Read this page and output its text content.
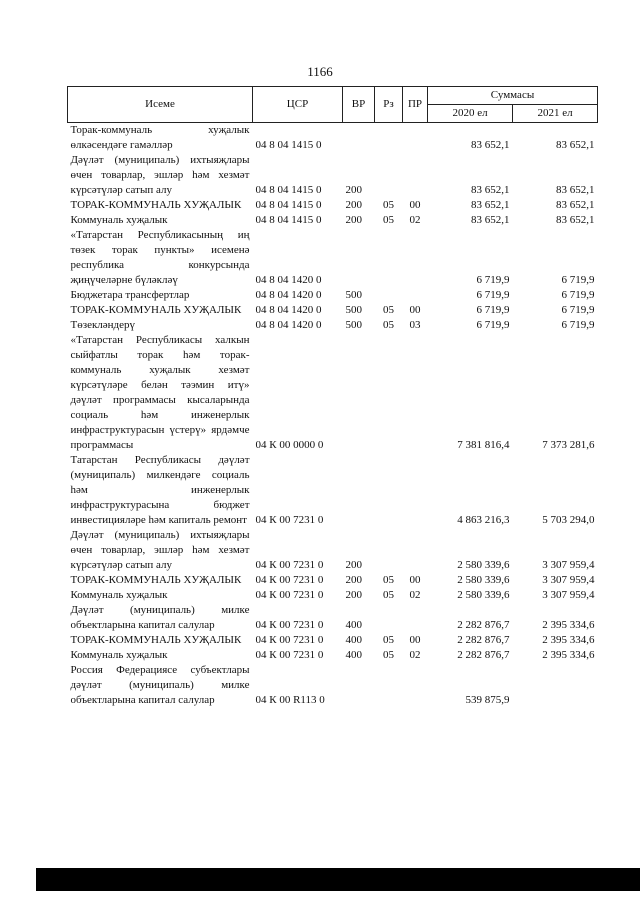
1166
Исеме	ЦСР	ВР	Рз	ПР	Суммасы	
					2020 ел	2021 ел
Торак-коммуналь хуҗалык өлкәсендәге гамәлләр	04 8 04 1415 0				83 652,1	83 652,1
Дәүләт (муниципаль) ихтыяҗлары өчен товарлар, эшләр һәм хезмәт күрсәтүләр сатып алу	04 8 04 1415 0	200			83 652,1	83 652,1
ТОРАК-КОММУНАЛЬ ХУҖАЛЫК	04 8 04 1415 0	200	05	00	83 652,1	83 652,1
Коммуналь хуҗалык	04 8 04 1415 0	200	05	02	83 652,1	83 652,1
«Татарстан Республикасының иң төзек торак пункты» исеменә республика конкурсында җиңүчеләрне бүләкләү	04 8 04 1420 0				6 719,9	6 719,9
Бюджетара трансфертлар	04 8 04 1420 0	500			6 719,9	6 719,9
ТОРАК-КОММУНАЛЬ ХУҖАЛЫК	04 8 04 1420 0	500	05	00	6 719,9	6 719,9
Төзекләндерү	04 8 04 1420 0	500	05	03	6 719,9	6 719,9
«Татарстан Республикасы халкын сыйфатлы торак һәм торак-коммуналь хуҗалык хезмәт күрсәтүләре белән тәэмин итү» дәүләт программасы кысаларында социаль һәм инженерлык инфраструктурасын үстерү» ярдәмче программасы	04 К 00 0000 0				7 381 816,4	7 373 281,6
Татарстан Республикасы дәүләт (муниципаль) милкендәге социаль һәм инженерлык инфраструктурасына бюджет инвестицияләре һәм капиталь ремонт	04 К 00 7231 0				4 863 216,3	5 703 294,0
Дәүләт (муниципаль) ихтыяҗлары өчен товарлар, эшләр һәм хезмәт күрсәтүләр сатып алу	04 К 00 7231 0	200			2 580 339,6	3 307 959,4
ТОРАК-КОММУНАЛЬ ХУҖАЛЫК	04 К 00 7231 0	200	05	00	2 580 339,6	3 307 959,4
Коммуналь хуҗалык	04 К 00 7231 0	200	05	02	2 580 339,6	3 307 959,4
Дәүләт (муниципаль) милке объектларына капитал салулар	04 К 00 7231 0	400			2 282 876,7	2 395 334,6
ТОРАК-КОММУНАЛЬ ХУҖАЛЫК	04 К 00 7231 0	400	05	00	2 282 876,7	2 395 334,6
Коммуналь хуҗалык	04 К 00 7231 0	400	05	02	2 282 876,7	2 395 334,6
Россия Федерациясе субъектлары дәүләт (муниципаль) милке объектларына капитал салулар	04 К 00 R113 0				539 875,9	
